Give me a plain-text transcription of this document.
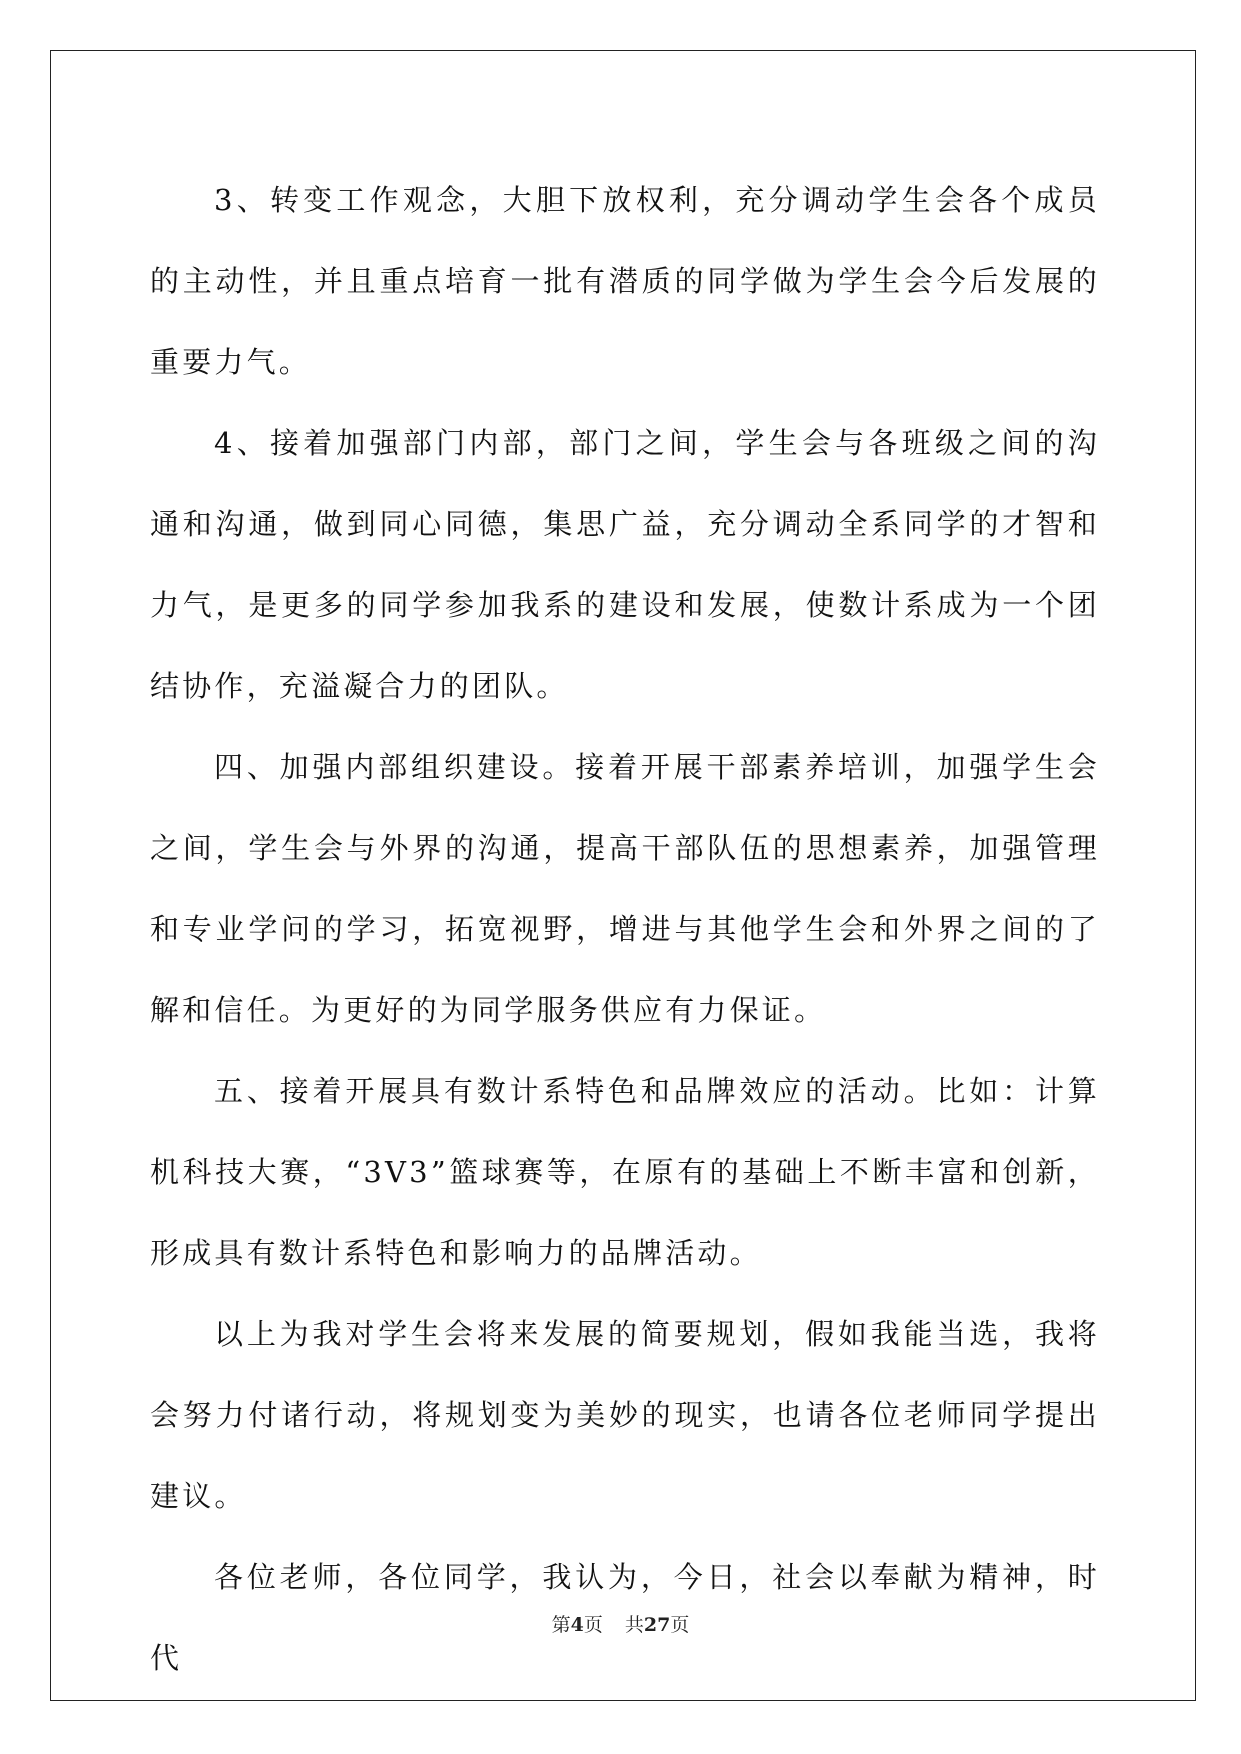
3、转变工作观念，大胆下放权利，充分调动学生会各个成员的主动性，并且重点培育一批有潜质的同学做为学生会今后发展的重要力气。

4、接着加强部门内部，部门之间，学生会与各班级之间的沟通和沟通，做到同心同德，集思广益，充分调动全系同学的才智和力气，是更多的同学参加我系的建设和发展，使数计系成为一个团结协作，充溢凝合力的团队。

四、加强内部组织建设。接着开展干部素养培训，加强学生会之间，学生会与外界的沟通，提高干部队伍的思想素养，加强管理和专业学问的学习，拓宽视野，增进与其他学生会和外界之间的了解和信任。为更好的为同学服务供应有力保证。

五、接着开展具有数计系特色和品牌效应的活动。比如：计算机科技大赛，“3V3”篮球赛等，在原有的基础上不断丰富和创新，形成具有数计系特色和影响力的品牌活动。

以上为我对学生会将来发展的简要规划，假如我能当选，我将会努力付诸行动，将规划变为美妙的现实，也请各位老师同学提出建议。

各位老师，各位同学，我认为，今日，社会以奉献为精神，时代

第4页 共27页
